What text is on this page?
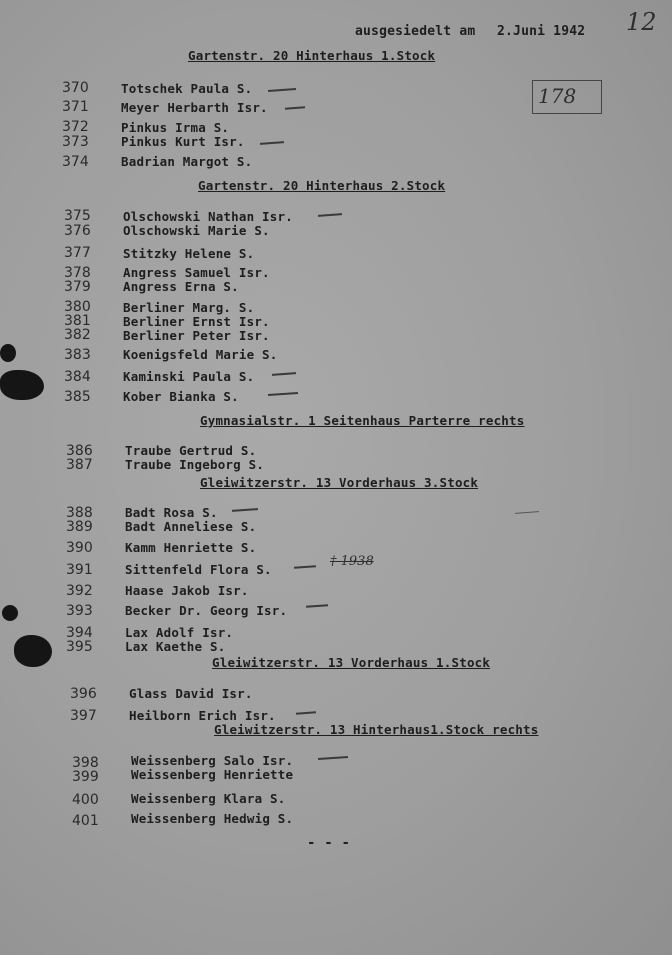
ausgesiedelt am 2.Juni 1942 12
178
Gartenstr. 20 Hinterhaus 1.Stock
370	Totschek Paula S.
371	Meyer Herbarth Isr.
372	Pinkus Irma S.
373	Pinkus Kurt Isr.
374	Badrian Margot S.
Gartenstr. 20 Hinterhaus 2.Stock
375	Olschowski Nathan Isr.
376	Olschowski Marie S.
377	Stitzky Helene S.
378	Angress Samuel Isr.
379	Angress Erna S.
380	Berliner Marg. S.
381	Berliner Ernst Isr.
382	Berliner Peter Isr.
383	Koenigsfeld Marie S.
384	Kaminski Paula S.
385	Kober Bianka S.
Gymnasialstr. 1 Seitenhaus Parterre rechts
386	Traube Gertrud S.
387	Traube Ingeborg S.
Gleiwitzerstr. 13 Vorderhaus 3.Stock
388	Badt Rosa S.
389	Badt Anneliese S.
390	Kamm Henriette S.
391	Sittenfeld Flora S.
† 1938
392	Haase Jakob Isr.
393	Becker Dr. Georg Isr.
394	Lax Adolf Isr.
395	Lax Kaethe S.
Gleiwitzerstr. 13 Vorderhaus 1.Stock
396	Glass David Isr.
397	Heilborn Erich Isr.
Gleiwitzerstr. 13 Hinterhaus1.Stock rechts
398	Weissenberg Salo Isr.
399	Weissenberg Henriette
400	Weissenberg Klara S.
401	Weissenberg Hedwig S.
- - -
